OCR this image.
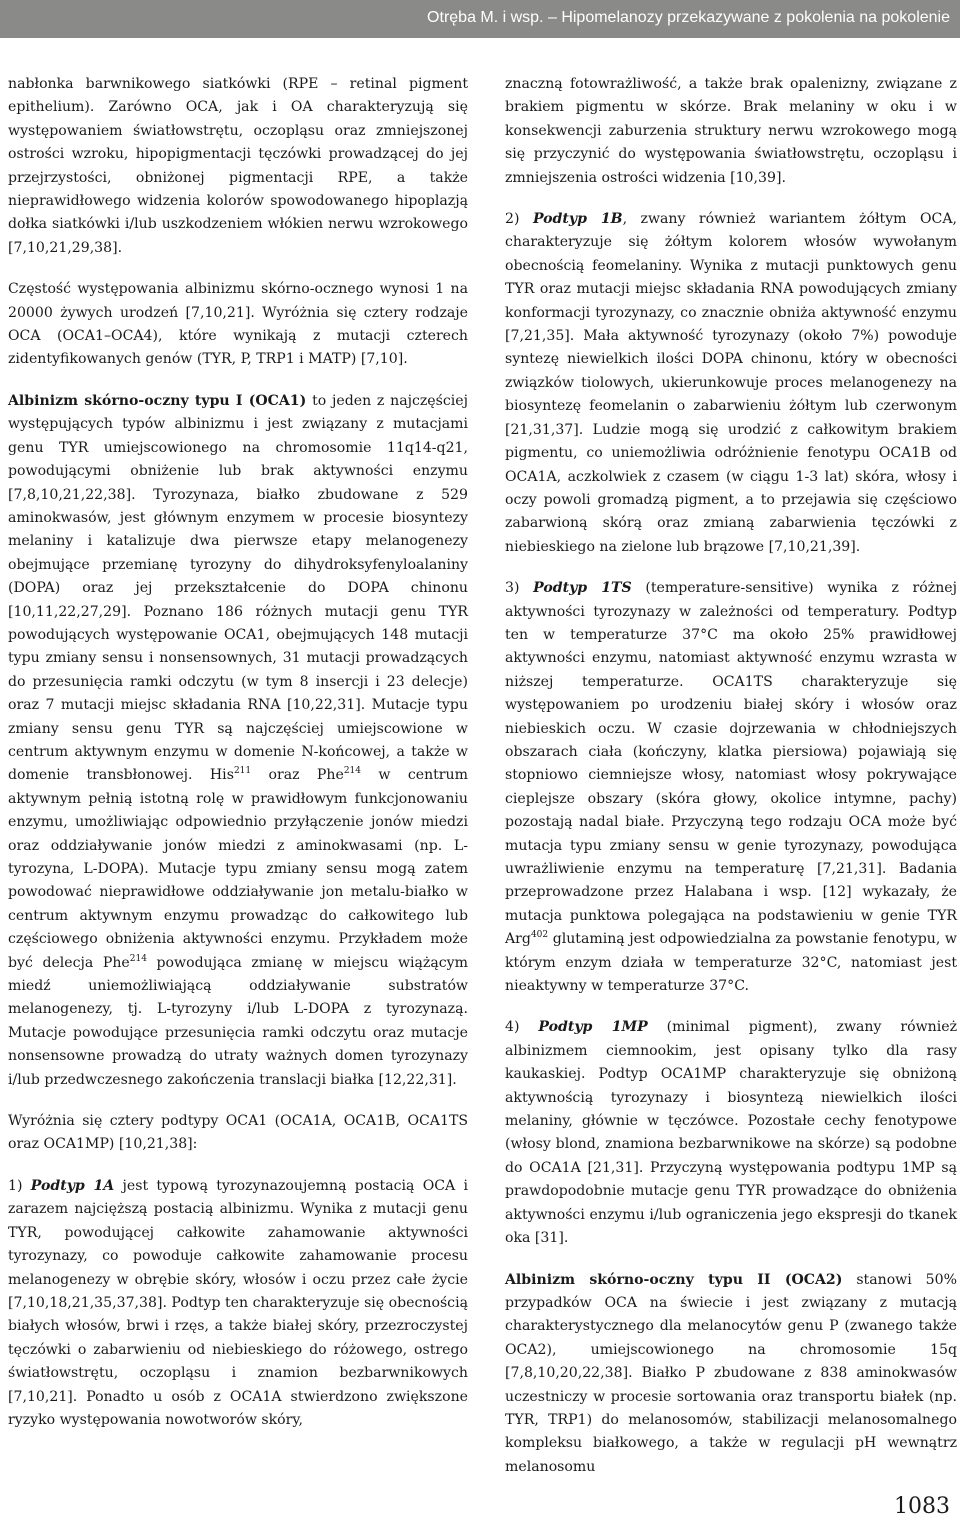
Otręba M. i wsp. – Hipomelanozy przekazywane z pokolenia na pokolenie

nabłonka barwnikowego siatkówki (RPE – retinal pigment epithelium). Zarówno OCA, jak i OA charakteryzują się występowaniem światłowstrętu, oczopląsu oraz zmniejszonej ostrości wzroku, hipopigmentacji tęczówki prowadzącej do jej przejrzystości, obniżonej pigmentacji RPE, a także nieprawidłowego widzenia kolorów spowodowanego hipoplazją dołka siatkówki i/lub uszkodzeniem włókien nerwu wzrokowego [7,10,21,29,38].

Częstość występowania albinizmu skórno-ocznego wynosi 1 na 20000 żywych urodzeń [7,10,21]. Wyróżnia się cztery rodzaje OCA (OCA1–OCA4), które wynikają z mutacji czterech zidentyfikowanych genów (TYR, P, TRP1 i MATP) [7,10].

Albinizm skórno-oczny typu I (OCA1) to jeden z najczęściej występujących typów albinizmu i jest związany z mutacjami genu TYR umiejscowionego na chromosomie 11q14-q21, powodującymi obniżenie lub brak aktywności enzymu [7,8,10,21,22,38]. Tyrozynaza, białko zbudowane z 529 aminokwasów, jest głównym enzymem w procesie biosyntezy melaniny i katalizuje dwa pierwsze etapy melanogenezy obejmujące przemianę tyrozyny do dihydroksyfenyloalaniny (DOPA) oraz jej przekształcenie do DOPA chinonu [10,11,22,27,29]. Poznano 186 różnych mutacji genu TYR powodujących występowanie OCA1, obejmujących 148 mutacji typu zmiany sensu i nonsensownych, 31 mutacji prowadzących do przesunięcia ramki odczytu (w tym 8 insercji i 23 delecje) oraz 7 mutacji miejsc składania RNA [10,22,31]. Mutacje typu zmiany sensu genu TYR są najczęściej umiejscowione w centrum aktywnym enzymu w domenie N-końcowej, a także w domenie transbłonowej. His$^{211}$ oraz Phe$^{214}$ w centrum aktywnym pełnią istotną rolę w prawidłowym funkcjonowaniu enzymu, umożliwiając odpowiednio przyłączenie jonów miedzi oraz oddziaływanie jonów miedzi z aminokwasami (np. L-tyrozyna, L-DOPA). Mutacje typu zmiany sensu mogą zatem powodować nieprawidłowe oddziaływanie jon metalu-białko w centrum aktywnym enzymu prowadząc do całkowitego lub częściowego obniżenia aktywności enzymu. Przykładem może być delecja Phe$^{214}$ powodująca zmianę w miejscu wiążącym miedź uniemożliwiającą oddziaływanie substratów melanogenezy, tj. L-tyrozyny i/lub L-DOPA z tyrozynazą. Mutacje powodujące przesunięcia ramki odczytu oraz mutacje nonsensowne prowadzą do utraty ważnych domen tyrozynazy i/lub przedwczesnego zakończenia translacji białka [12,22,31].

Wyróżnia się cztery podtypy OCA1 (OCA1A, OCA1B, OCA1TS oraz OCA1MP) [10,21,38]:

1) Podtyp 1A jest typową tyrozynazoujemną postacią OCA i zarazem najcięższą postacią albinizmu. Wynika z mutacji genu TYR, powodującej całkowite zahamowanie aktywności tyrozynazy, co powoduje całkowite zahamowanie procesu melanogenezy w obrębie skóry, włosów i oczu przez całe życie [7,10,18,21,35,37,38]. Podtyp ten charakteryzuje się obecnością białych włosów, brwi i rzęs, a także białej skóry, przezroczystej tęczówki o zabarwieniu od niebieskiego do różowego, ostrego światłowstrętu, oczopląsu i znamion bezbarwnikowych [7,10,21]. Ponadto u osób z OCA1A stwierdzono zwiększone ryzyko występowania nowotworów skóry,

znaczną fotowrażliwość, a także brak opalenizny, związane z brakiem pigmentu w skórze. Brak melaniny w oku i w konsekwencji zaburzenia struktury nerwu wzrokowego mogą się przyczynić do występowania światłowstrętu, oczopląsu i zmniejszenia ostrości widzenia [10,39].

2) Podtyp 1B, zwany również wariantem żółtym OCA, charakteryzuje się żółtym kolorem włosów wywołanym obecnością feomelaniny. Wynika z mutacji punktowych genu TYR oraz mutacji miejsc składania RNA powodujących zmiany konformacji tyrozynazy, co znacznie obniża aktywność enzymu [7,21,35]. Mała aktywność tyrozynazy (około 7%) powoduje syntezę niewielkich ilości DOPA chinonu, który w obecności związków tiolowych, ukierunkowuje proces melanogenezy na biosyntezę feomelanin o zabarwieniu żółtym lub czerwonym [21,31,37]. Ludzie mogą się urodzić z całkowitym brakiem pigmentu, co uniemożliwia odróżnienie fenotypu OCA1B od OCA1A, aczkolwiek z czasem (w ciągu 1-3 lat) skóra, włosy i oczy powoli gromadzą pigment, a to przejawia się częściowo zabarwioną skórą oraz zmianą zabarwienia tęczówki z niebieskiego na zielone lub brązowe [7,10,21,39].

3) Podtyp 1TS (temperature-sensitive) wynika z różnej aktywności tyrozynazy w zależności od temperatury. Podtyp ten w temperaturze 37°C ma około 25% prawidłowej aktywności enzymu, natomiast aktywność enzymu wzrasta w niższej temperaturze. OCA1TS charakteryzuje się występowaniem po urodzeniu białej skóry i włosów oraz niebieskich oczu. W czasie dojrzewania w chłodniejszych obszarach ciała (kończyny, klatka piersiowa) pojawiają się stopniowo ciemniejsze włosy, natomiast włosy pokrywające cieplejsze obszary (skóra głowy, okolice intymne, pachy) pozostają nadal białe. Przyczyną tego rodzaju OCA może być mutacja typu zmiany sensu w genie tyrozynazy, powodująca uwrażliwienie enzymu na temperaturę [7,21,31]. Badania przeprowadzone przez Halabana i wsp. [12] wykazały, że mutacja punktowa polegająca na podstawieniu w genie TYR Arg$^{402}$ glutaminą jest odpowiedzialna za powstanie fenotypu, w którym enzym działa w temperaturze 32°C, natomiast jest nieaktywny w temperaturze 37°C.

4) Podtyp 1MP (minimal pigment), zwany również albinizmem ciemnookim, jest opisany tylko dla rasy kaukaskiej. Podtyp OCA1MP charakteryzuje się obniżoną aktywnością tyrozynazy i biosyntezą niewielkich ilości melaniny, głównie w tęczówce. Pozostałe cechy fenotypowe (włosy blond, znamiona bezbarwnikowe na skórze) są podobne do OCA1A [21,31]. Przyczyną występowania podtypu 1MP są prawdopodobnie mutacje genu TYR prowadzące do obniżenia aktywności enzymu i/lub ograniczenia jego ekspresji do tkanek oka [31].

Albinizm skórno-oczny typu II (OCA2) stanowi 50% przypadków OCA na świecie i jest związany z mutacją charakterystycznego dla melanocytów genu P (zwanego także OCA2), umiejscowionego na chromosomie 15q [7,8,10,20,22,38]. Białko P zbudowane z 838 aminokwasów uczestniczy w procesie sortowania oraz transportu białek (np. TYR, TRP1) do melanosomów, stabilizacji melanosomalnego kompleksu białkowego, a także w regulacji pH wewnątrz melanosomu

1083
